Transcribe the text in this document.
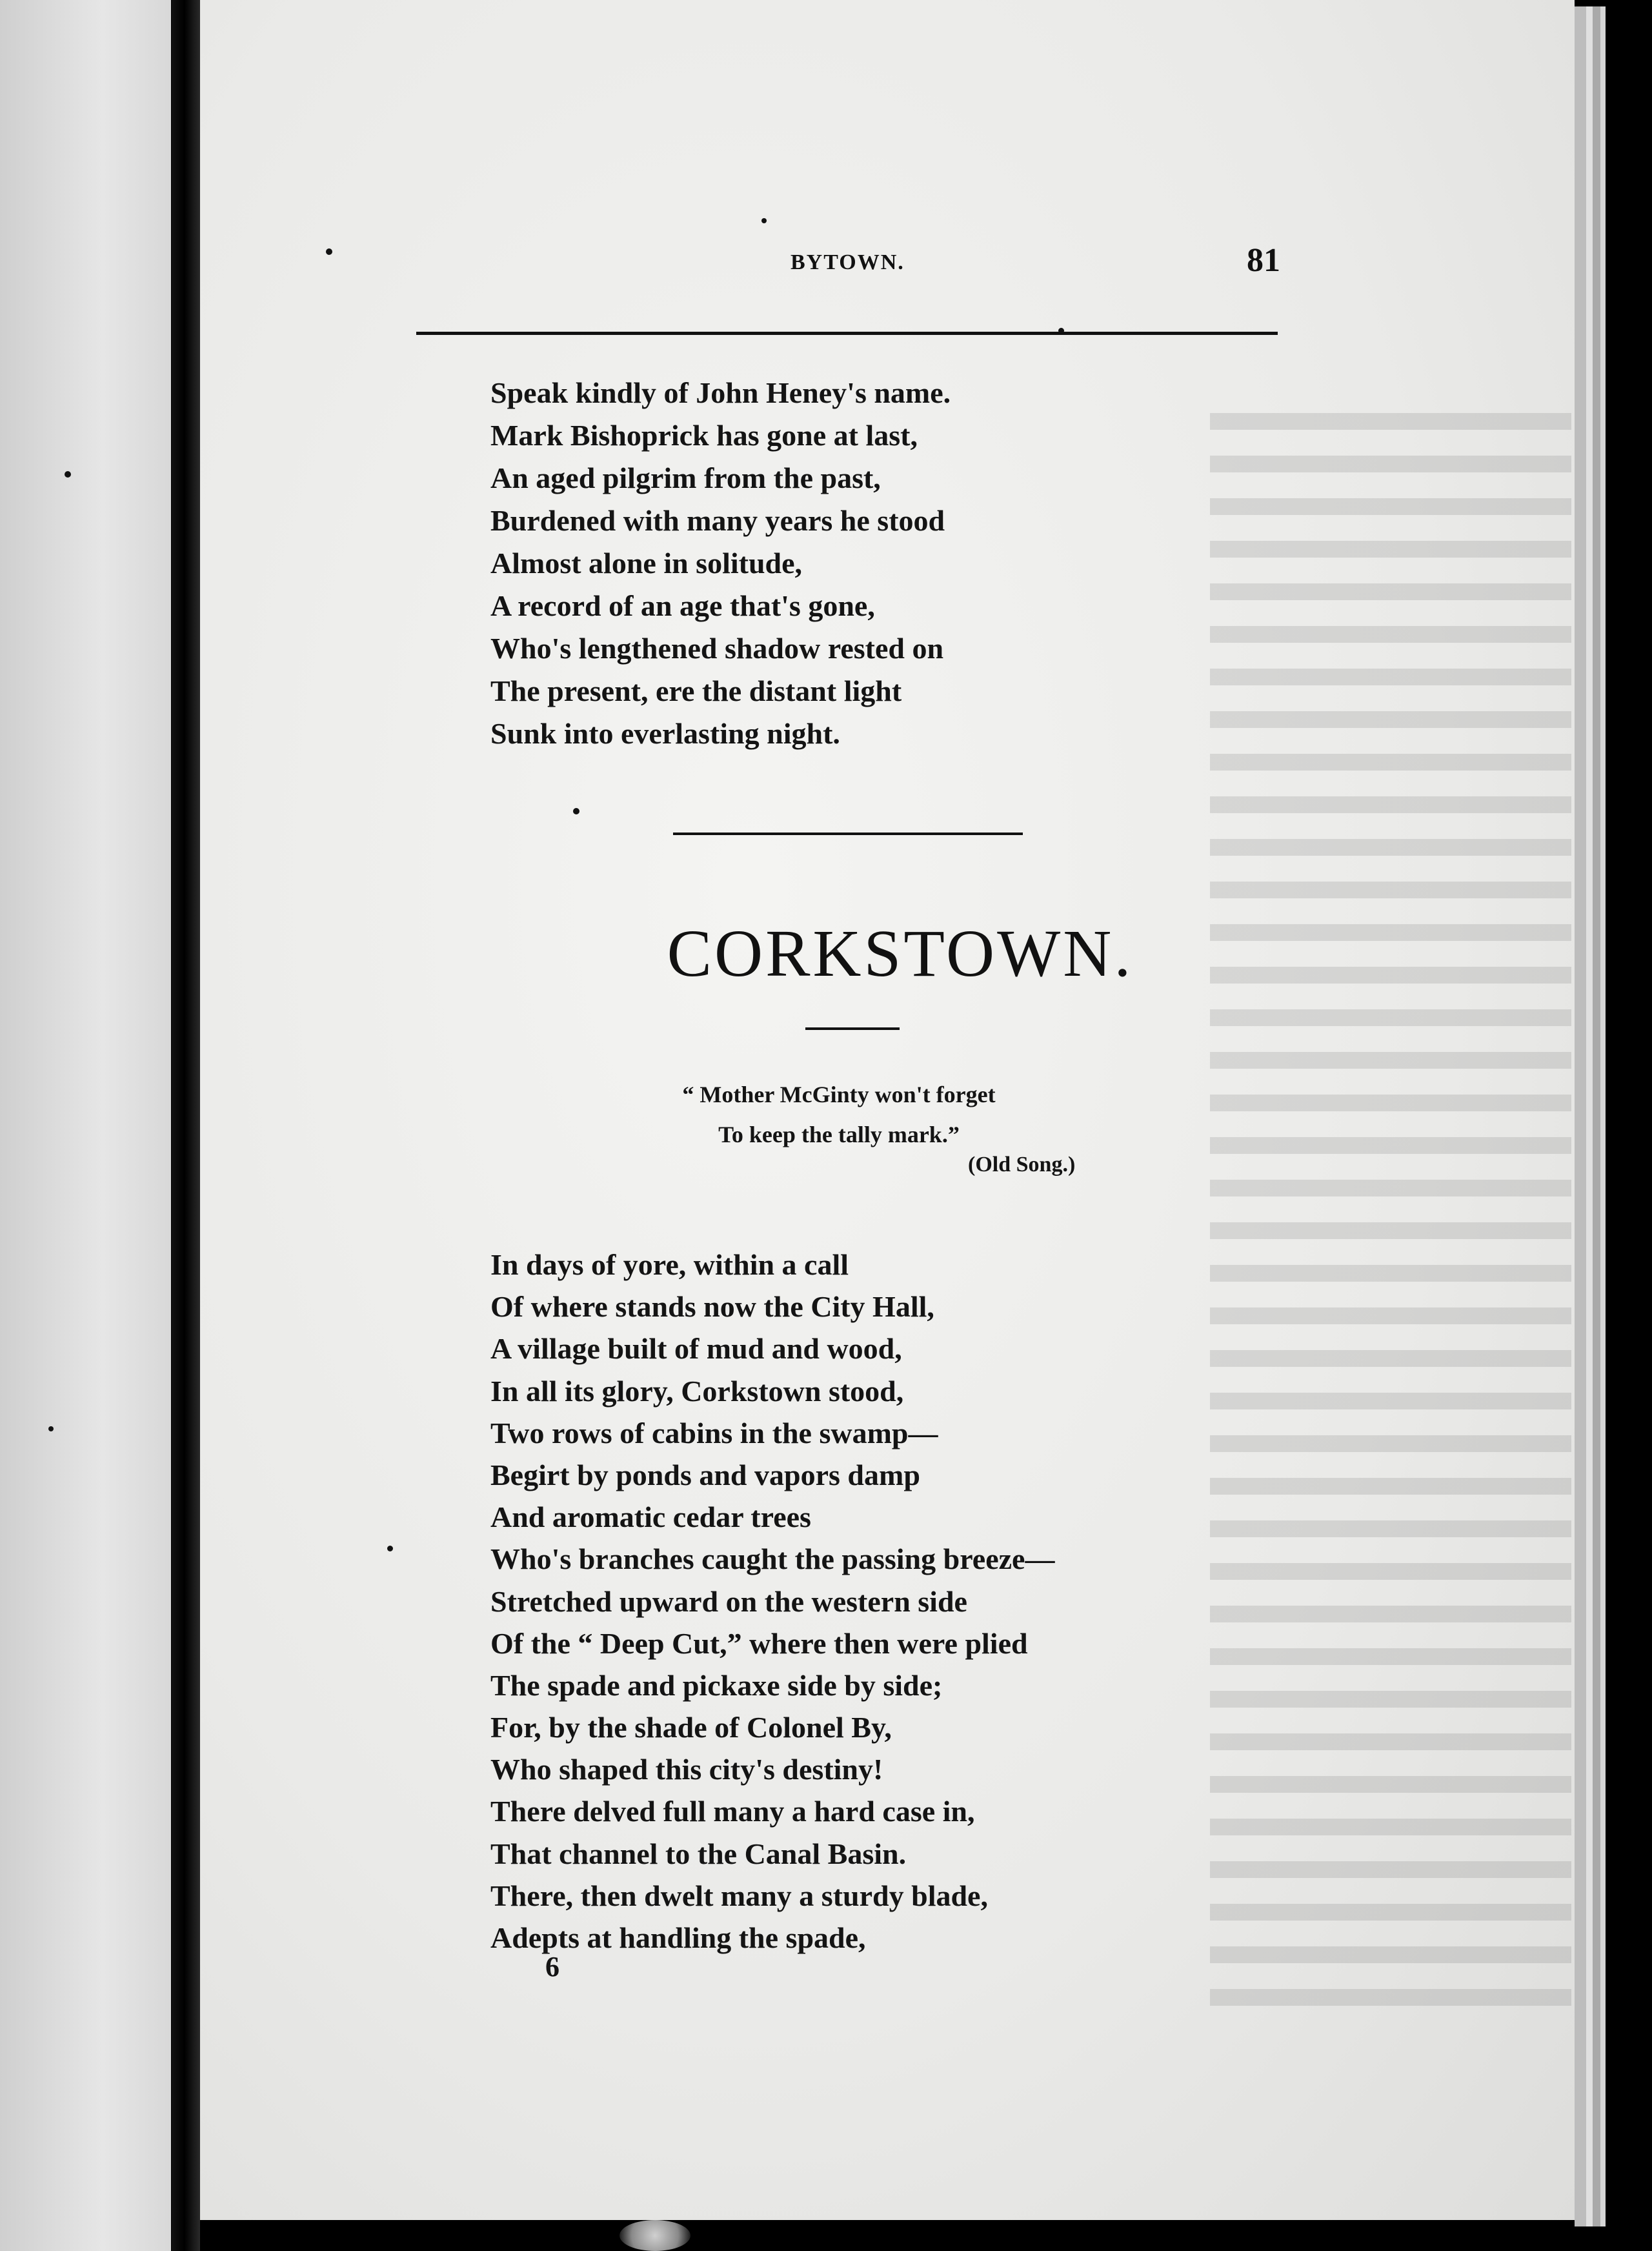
BYTOWN.	81
Speak kindly of John Heney's name.
Mark Bishoprick has gone at last,
An aged pilgrim from the past,
Burdened with many years he stood
Almost alone in solitude,
A record of an age that's gone,
Who's lengthened shadow rested on
The present, ere the distant light
Sunk into everlasting night.
CORKSTOWN.
“ Mother McGinty won't forget
To keep the tally mark.”
(Old Song.)
In days of yore, within a call
Of where stands now the City Hall,
A village built of mud and wood,
In all its glory, Corkstown stood,
Two rows of cabins in the swamp—
Begirt by ponds and vapors damp
And aromatic cedar trees
Who's branches caught the passing breeze—
Stretched upward on the western side
Of the “ Deep Cut,” where then were plied
The spade and pickaxe side by side;
For, by the shade of Colonel By,
Who shaped this city's destiny!
There delved full many a hard case in,
That channel to the Canal Basin.
There, then dwelt many a sturdy blade,
Adepts at handling the spade,
6
